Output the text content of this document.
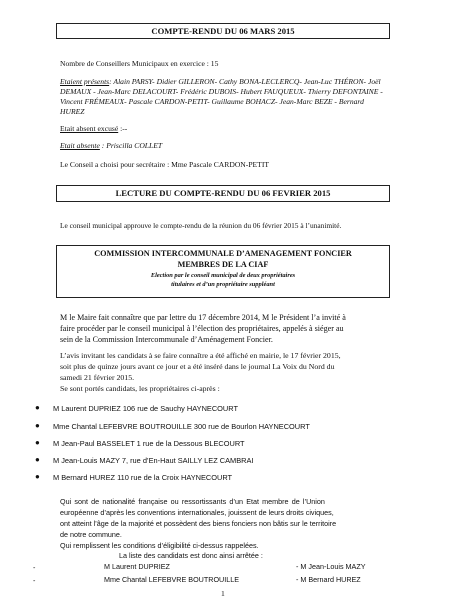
COMPTE-RENDU DU 06 MARS 2015
Nombre de Conseillers Municipaux en exercice : 15
Etaient présents: Alain PARSY- Didier GILLERON- Cathy BONA-LECLERCQ- Jean-Luc THÉRON- Joël
DEMAUX - Jean-Marc DELACOURT- Frédéric DUBOIS- Hubert FAUQUEUX- Thierry DEFONTAINE -
Vincent FRÉMEAUX- Pascale CARDON-PETIT- Guillaume BOHACZ- Jean-Marc BEZE - Bernard
HUREZ
Etait absent excusé :--
Etait absente : Priscilla COLLET
Le Conseil a choisi pour secrétaire : Mme Pascale CARDON-PETIT
LECTURE DU COMPTE-RENDU DU 06 FEVRIER 2015
Le conseil municipal approuve le compte-rendu de la réunion du 06 février 2015 à l’unanimité.
COMMISSION INTERCOMMUNALE D’AMENAGEMENT FONCIER
MEMBRES DE LA CIAF
Election par le conseil municipal de deux propriétaires
titulaires et d’un propriétaire suppléant
M le Maire fait connaître que par lettre du 17 décembre 2014, M le Président l’a invité à
faire procéder par le conseil municipal à l’élection des propriétaires, appelés à siéger au
sein de la Commission Intercommunale d’Aménagement Foncier.
L’avis invitant les candidats à se faire connaître a été affiché en mairie, le 17 février 2015,
soit plus de quinze jours avant ce jour et a été inséré dans le journal La Voix du Nord du
samedi 21 février 2015.
Se sont portés candidats, les propriétaires ci-après :
● M Laurent DUPRIEZ 106 rue de Sauchy HAYNECOURT
● Mme Chantal LEFEBVRE BOUTROUILLE 300 rue de Bourlon HAYNECOURT
● M Jean-Paul BASSELET 1 rue de la Dessous BLECOURT
● M Jean-Louis MAZY 7, rue d’En-Haut SAILLY LEZ CAMBRAI
● M Bernard HUREZ 110 rue de la Croix HAYNECOURT
Qui sont de nationalité française ou ressortissants d’un Etat membre de l’Union
européenne d’après les conventions internationales, jouissent de leurs droits civiques,
ont atteint l’âge de la majorité et possèdent des biens fonciers non bâtis sur le territoire
de notre commune.
Qui remplissent les conditions d’éligibilité ci-dessus rappelées.
La liste des candidats est donc ainsi arrêtée :
-	M Laurent DUPRIEZ	- M Jean-Louis MAZY
-	Mme Chantal LEFEBVRE BOUTROUILLE	- M Bernard HUREZ
1
